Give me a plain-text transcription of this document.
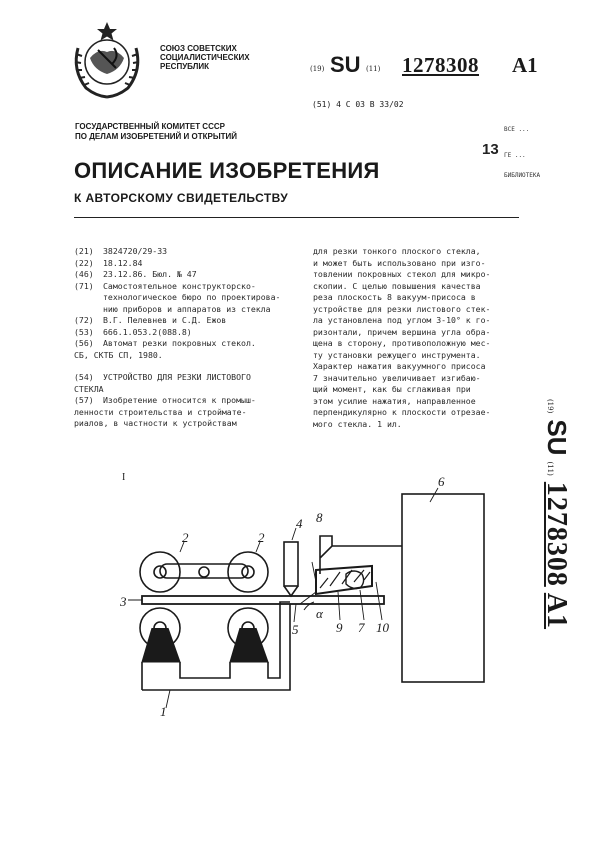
СОЮЗ СОВЕТСКИХ
СОЦИАЛИСТИЧЕСКИХ
РЕСПУБЛИК	(19) SU (11) 1278308 A1
(51) 4 C 03 B 33/02
ГОСУДАРСТВЕННЫЙ КОМИТЕТ СССР
ПО ДЕЛАМ ИЗОБРЕТЕНИЙ И ОТКРЫТИЙ
ВСЕ ...
ГЕ ...
БИБЛИОТЕКА
13
ОПИСАНИЕ ИЗОБРЕТЕНИЯ
К АВТОРСКОМУ СВИДЕТЕЛЬСТВУ
(21)	3824720/29-33
(22)	18.12.84
(46)	23.12.86. Бюл. № 47
(71)	Самостоятельное конструкторско-
технологическое бюро по проектирова-
нию приборов и аппаратов из стекла
(72)	В.Г. Пелевнев и С.Д. Ежов
(53)	666.1.053.2(088.8)
(56)	Автомат резки покровных стекол.
СБ, СКТБ СП, 1980.
(54)	УСТРОЙСТВО ДЛЯ РЕЗКИ ЛИСТОВОГО
СТЕКЛА
(57)	Изобретение относится к промыш-
ленности строительства и строймате-
риалов, в частности к устройствам
для резки тонкого плоского стекла,
и может быть использовано при изго-
товлении покровных стекол для микро-
скопии. С целью повышения качества
реза плоскость 8 вакуум-присоса в
устройстве для резки листового стек-
ла установлена под углом 3-10° к го-
ризонтали, причем вершина угла обра-
щена в сторону, противоположную мес-
ту установки режущего инструмента.
Характер нажатия вакуумного присоса
7 значительно увеличивает изгибаю-
щий момент, как бы сглаживая при
этом усилие нажатия, направленное
перпендикулярно к плоскости отрезае-
мого стекла. 1 ил.
(19)
SU
(11)
1278308
A1
I
1
2	2
3
4
5
6
7
8
9	10
α
